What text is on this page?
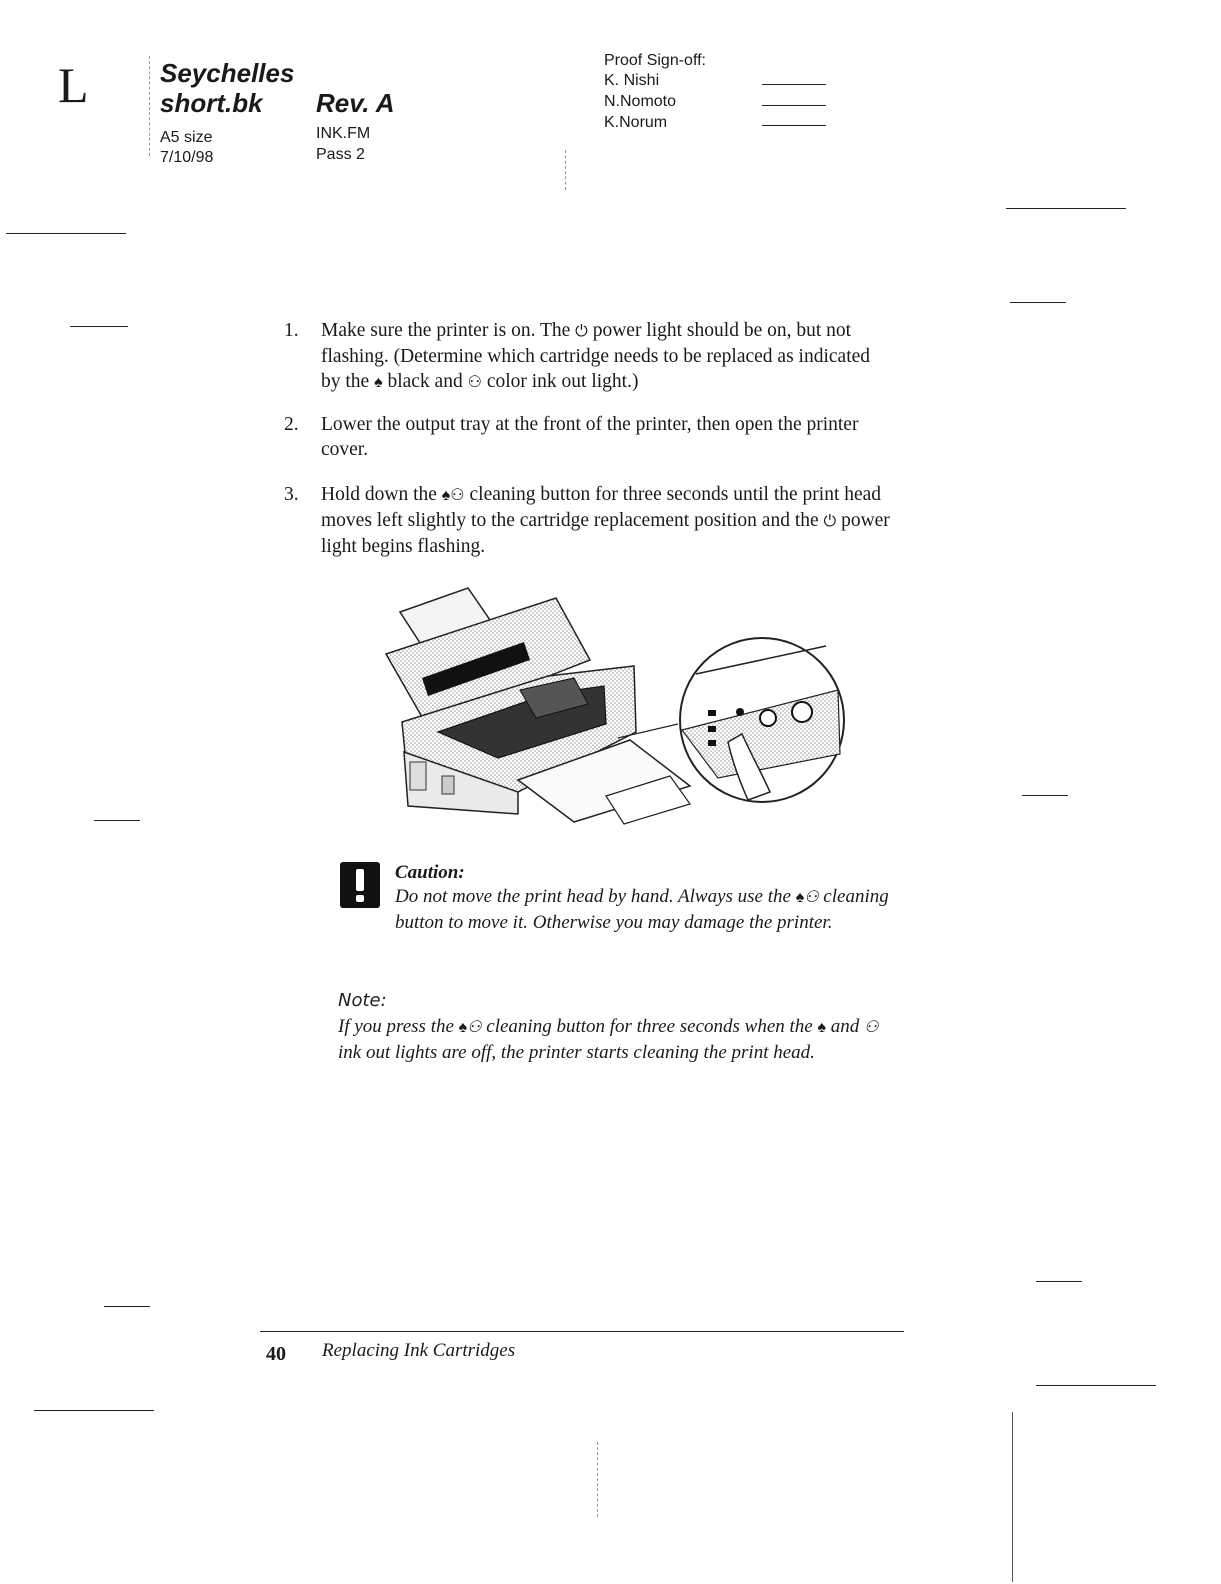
L	Seychelles
short.bk Rev. A
A5 size
7/10/98
INK.FM
Pass 2
Proof Sign-off:
K. Nishi
N.Nomoto
K.Norum
1. Make sure the printer is on. The ⏻ power light should be on, but not flashing. (Determine which cartridge needs to be replaced as indicated by the ♠ black and ⚇ color ink out light.)
2. Lower the output tray at the front of the printer, then open the printer cover.
3. Hold down the ♠⚇ cleaning button for three seconds until the print head moves left slightly to the cartridge replacement position and the ⏻ power light begins flashing.
Caution:
Do not move the print head by hand. Always use the ♠⚇ cleaning button to move it. Otherwise you may damage the printer.
Note:
If you press the ♠⚇ cleaning button for three seconds when the ♠ and ⚇ ink out lights are off, the printer starts cleaning the print head.
40 Replacing Ink Cartridges
